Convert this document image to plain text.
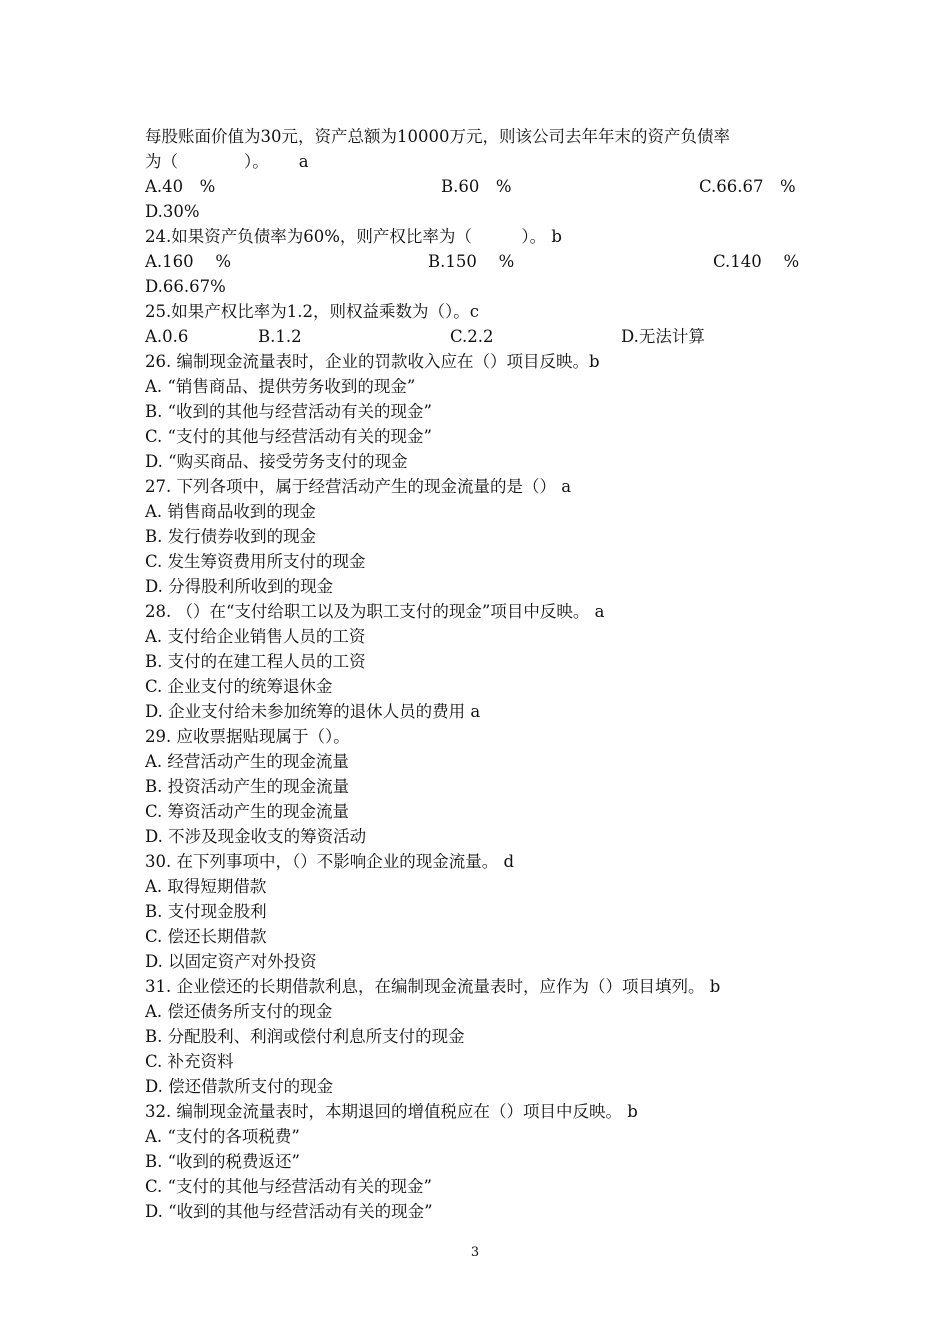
每股账面价值为30元，资产总额为10000万元，则该公司去年年末的资产负债率
为（　　　　）。　　 a

A.40　%

	B.60　%

	C.66.67　%

D.30%
24.如果资产负债率为60%，则产权比率为（　　　）。 b

A.160　 %

	B.150　 %

	C.140　 %

D.66.67%
25.如果产权比率为1.2，则权益乘数为（）。c

A.0.6

	B.1.2

	C.2.2

	D.无法计算

26. 编制现金流量表时，企业的罚款收入应在（）项目反映。b
A. “销售商品、提供劳务收到的现金”
B. “收到的其他与经营活动有关的现金”
C. “支付的其他与经营活动有关的现金”
D. “购买商品、接受劳务支付的现金
27. 下列各项中，属于经营活动产生的现金流量的是（） a
A. 销售商品收到的现金
B. 发行债券收到的现金
C. 发生筹资费用所支付的现金
D. 分得股利所收到的现金
28. （）在“支付给职工以及为职工支付的现金”项目中反映。 a
A. 支付给企业销售人员的工资
B. 支付的在建工程人员的工资
C. 企业支付的统筹退休金
D. 企业支付给未参加统筹的退休人员的费用 a
29. 应收票据贴现属于（）。
A. 经营活动产生的现金流量
B. 投资活动产生的现金流量
C. 筹资活动产生的现金流量
D. 不涉及现金收支的筹资活动
30. 在下列事项中，（）不影响企业的现金流量。 d
A. 取得短期借款
B. 支付现金股利
C. 偿还长期借款
D. 以固定资产对外投资
31. 企业偿还的长期借款利息，在编制现金流量表时，应作为（）项目填列。 b
A. 偿还债务所支付的现金
B. 分配股利、利润或偿付利息所支付的现金
C. 补充资料
D. 偿还借款所支付的现金
32. 编制现金流量表时，本期退回的增值税应在（）项目中反映。 b
A. “支付的各项税费”
B. “收到的税费返还”
C. “支付的其他与经营活动有关的现金”
D. “收到的其他与经营活动有关的现金”
3
